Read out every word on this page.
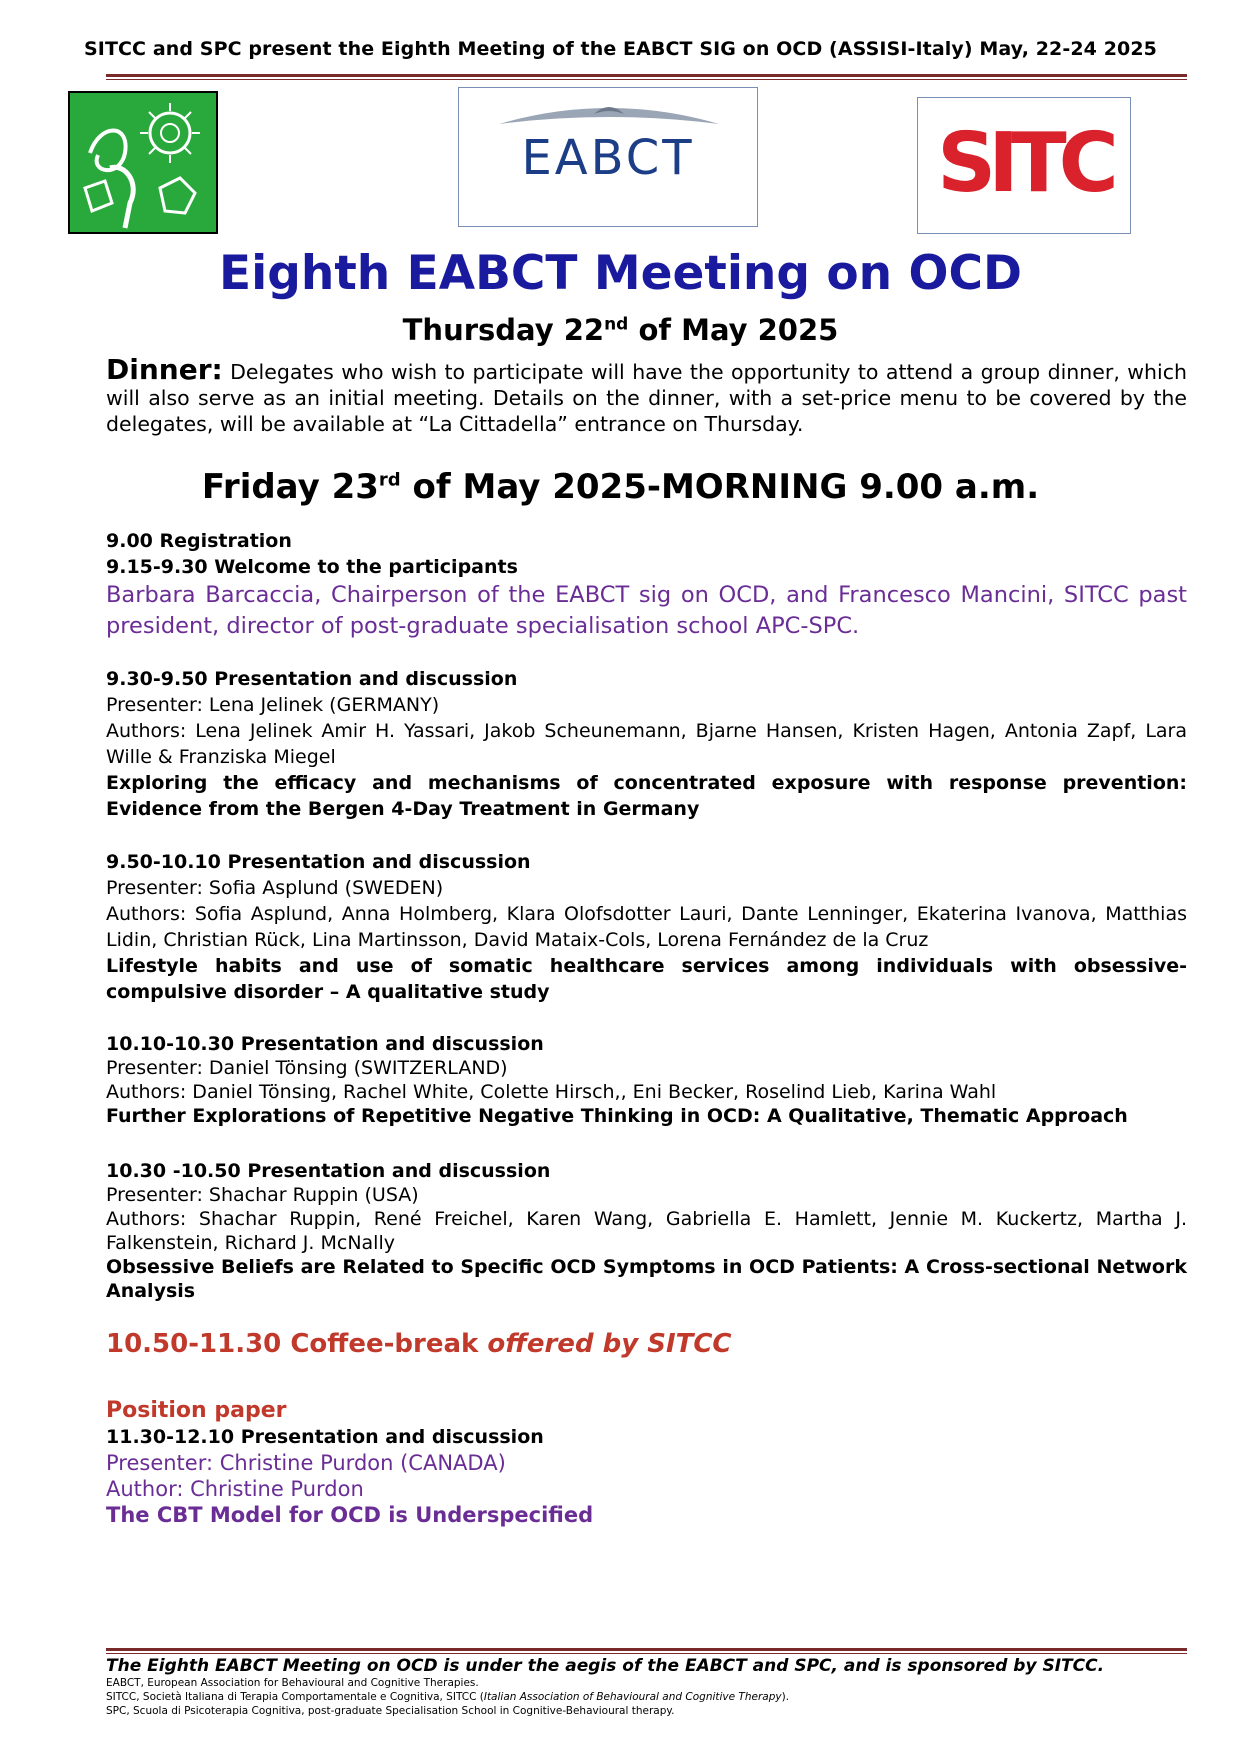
SITCC and SPC present the Eighth Meeting of the EABCT SIG on OCD (ASSISI-Italy) May, 22-24 2025
EABCT	SITC
Eighth EABCT Meeting on OCD
Thursday 22nd of May 2025
Dinner: Delegates who wish to participate will have the opportunity to attend a group dinner, which will also serve as an initial meeting. Details on the dinner, with a set-price menu to be covered by the delegates, will be available at “La Cittadella” entrance on Thursday.
Friday 23rd of May 2025-MORNING 9.00 a.m.
9.00 Registration
9.15-9.30 Welcome to the participants
Barbara Barcaccia, Chairperson of the EABCT sig on OCD, and Francesco Mancini, SITCC past president, director of post-graduate specialisation school APC-SPC.
9.30-9.50 Presentation and discussion
Presenter: Lena Jelinek (GERMANY)
Authors: Lena Jelinek Amir H. Yassari, Jakob Scheunemann, Bjarne Hansen, Kristen Hagen, Antonia Zapf, Lara Wille & Franziska Miegel
Exploring the efficacy and mechanisms of concentrated exposure with response prevention: Evidence from the Bergen 4-Day Treatment in Germany
9.50-10.10 Presentation and discussion
Presenter: Sofia Asplund (SWEDEN)
Authors: Sofia Asplund, Anna Holmberg, Klara Olofsdotter Lauri, Dante Lenninger, Ekaterina Ivanova, Matthias Lidin, Christian Rück, Lina Martinsson, David Mataix-Cols, Lorena Fernández de la Cruz
Lifestyle habits and use of somatic healthcare services among individuals with obsessive-compulsive disorder – A qualitative study
10.10-10.30 Presentation and discussion
Presenter: Daniel Tönsing (SWITZERLAND)
Authors: Daniel Tönsing, Rachel White, Colette Hirsch,, Eni Becker, Roselind Lieb, Karina Wahl
Further Explorations of Repetitive Negative Thinking in OCD: A Qualitative, Thematic Approach
10.30 -10.50 Presentation and discussion
Presenter: Shachar Ruppin (USA)
Authors: Shachar Ruppin, René Freichel, Karen Wang, Gabriella E. Hamlett, Jennie M. Kuckertz, Martha J. Falkenstein, Richard J. McNally
Obsessive Beliefs are Related to Specific OCD Symptoms in OCD Patients: A Cross-sectional Network Analysis
10.50-11.30 Coffee-break offered by SITCC
Position paper
11.30-12.10 Presentation and discussion
Presenter: Christine Purdon (CANADA)
Author: Christine Purdon
The CBT Model for OCD is Underspecified
The Eighth EABCT Meeting on OCD is under the aegis of the EABCT and SPC, and is sponsored by SITCC.
EABCT, European Association for Behavioural and Cognitive Therapies.
SITCC, Società Italiana di Terapia Comportamentale e Cognitiva, SITCC (Italian Association of Behavioural and Cognitive Therapy).
SPC, Scuola di Psicoterapia Cognitiva, post-graduate Specialisation School in Cognitive-Behavioural therapy.
